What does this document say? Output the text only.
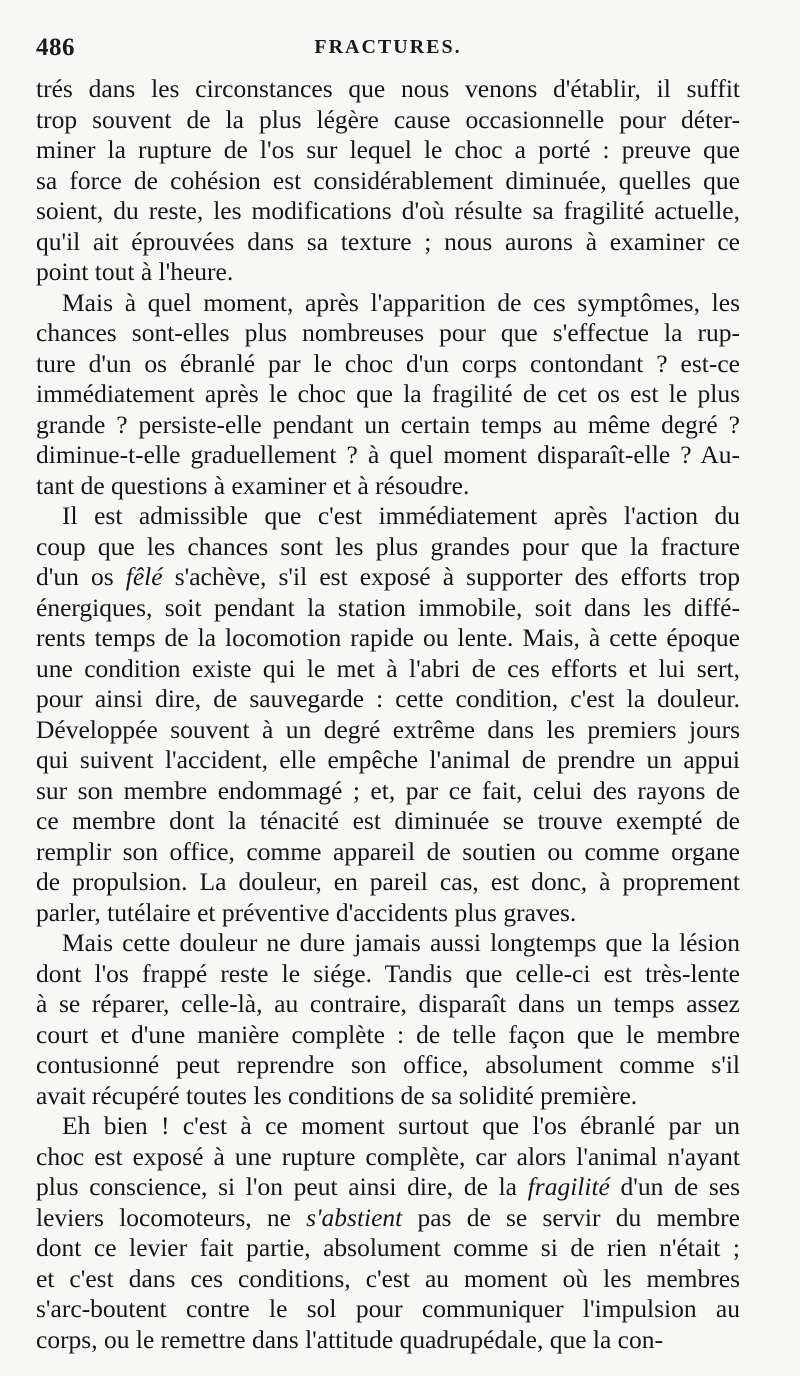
486	FRACTURES.
trés dans les circonstances que nous venons d'établir, il suffit
trop souvent de la plus légère cause occasionnelle pour déter-
miner la rupture de l'os sur lequel le choc a porté : preuve que
sa force de cohésion est considérablement diminuée, quelles que
soient, du reste, les modifications d'où résulte sa fragilité actuelle,
qu'il ait éprouvées dans sa texture ; nous aurons à examiner ce
point tout à l'heure.
Mais à quel moment, après l'apparition de ces symptômes, les
chances sont-elles plus nombreuses pour que s'effectue la rup-
ture d'un os ébranlé par le choc d'un corps contondant ? est-ce
immédiatement après le choc que la fragilité de cet os est le plus
grande ? persiste-elle pendant un certain temps au même degré ?
diminue-t-elle graduellement ? à quel moment disparaît-elle ? Au-
tant de questions à examiner et à résoudre.
Il est admissible que c'est immédiatement après l'action du
coup que les chances sont les plus grandes pour que la fracture
d'un os fêlé s'achève, s'il est exposé à supporter des efforts trop
énergiques, soit pendant la station immobile, soit dans les diffé-
rents temps de la locomotion rapide ou lente. Mais, à cette époque
une condition existe qui le met à l'abri de ces efforts et lui sert,
pour ainsi dire, de sauvegarde : cette condition, c'est la douleur.
Développée souvent à un degré extrême dans les premiers jours
qui suivent l'accident, elle empêche l'animal de prendre un appui
sur son membre endommagé ; et, par ce fait, celui des rayons de
ce membre dont la ténacité est diminuée se trouve exempté de
remplir son office, comme appareil de soutien ou comme organe
de propulsion. La douleur, en pareil cas, est donc, à proprement
parler, tutélaire et préventive d'accidents plus graves.
Mais cette douleur ne dure jamais aussi longtemps que la lésion
dont l'os frappé reste le siége. Tandis que celle-ci est très-lente
à se réparer, celle-là, au contraire, disparaît dans un temps assez
court et d'une manière complète : de telle façon que le membre
contusionné peut reprendre son office, absolument comme s'il
avait récupéré toutes les conditions de sa solidité première.
Eh bien ! c'est à ce moment surtout que l'os ébranlé par un
choc est exposé à une rupture complète, car alors l'animal n'ayant
plus conscience, si l'on peut ainsi dire, de la fragilité d'un de ses
leviers locomoteurs, ne s'abstient pas de se servir du membre
dont ce levier fait partie, absolument comme si de rien n'était ;
et c'est dans ces conditions, c'est au moment où les membres
s'arc-boutent contre le sol pour communiquer l'impulsion au
corps, ou le remettre dans l'attitude quadrupédale, que la con-
